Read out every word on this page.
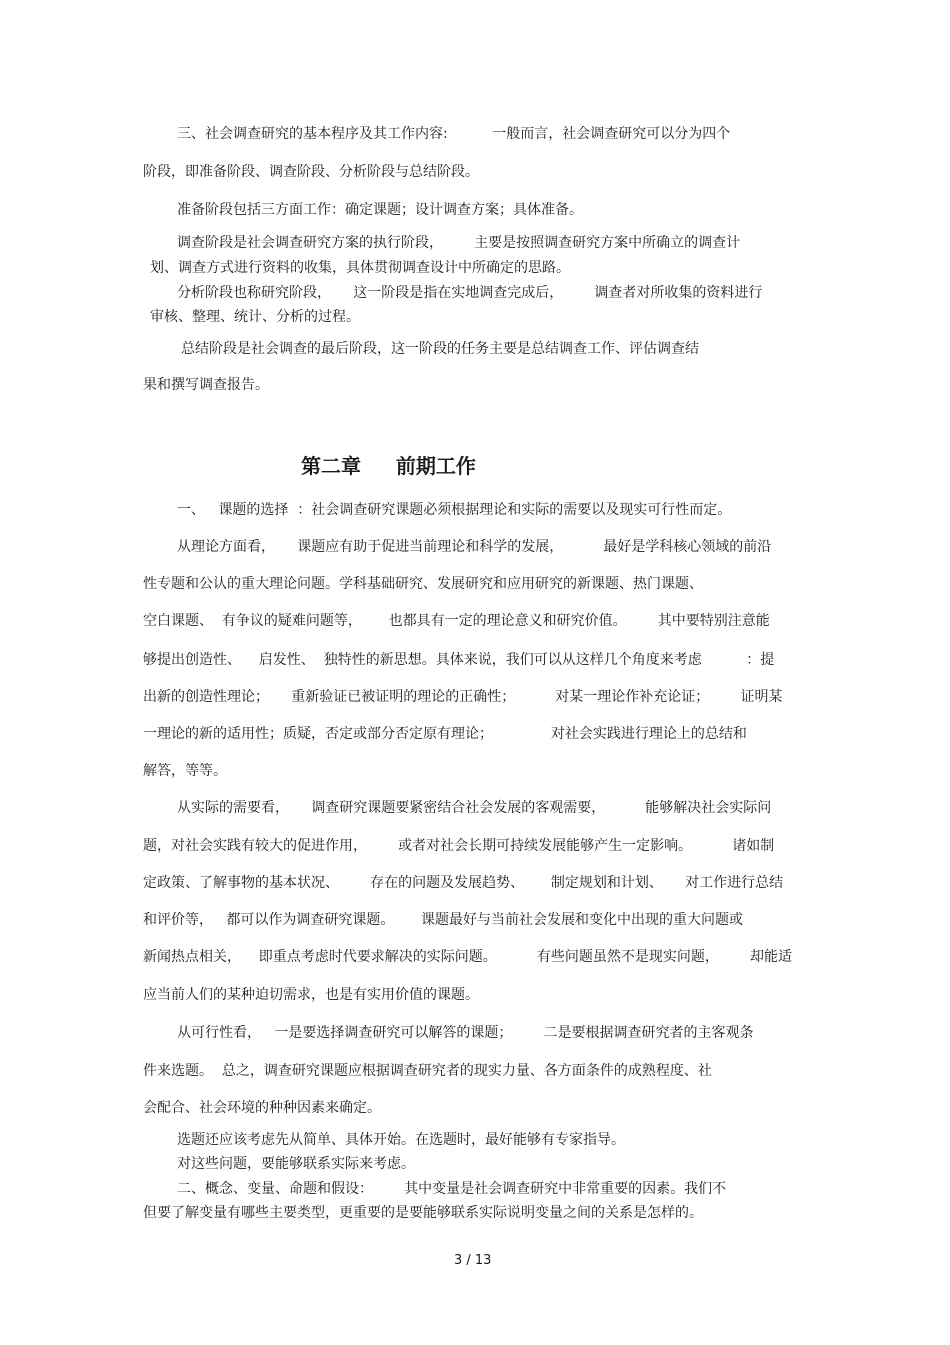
三、社会调查研究的基本程序及其工作内容:          一般而言，社会调查研究可以分为四个

阶段，即准备阶段、调查阶段、分析阶段与总结阶段。

准备阶段包括三方面工作：确定课题；设计调查方案；具体准备。

调查阶段是社会调查研究方案的执行阶段，       主要是按照调查研究方案中所确立的调查计

划、调查方式进行资料的收集，具体贯彻调查设计中所确定的思路。

分析阶段也称研究阶段，     这一阶段是指在实地调查完成后，       调查者对所收集的资料进行

审核、整理、统计、分析的过程。

总结阶段是社会调查的最后阶段，这一阶段的任务主要是总结调查工作、评估调查结

果和撰写调查报告。

第二章     前期工作

一、   课题的选择  ：社会调查研究课题必须根据理论和实际的需要以及现实可行性而定。

从理论方面看，     课题应有助于促进当前理论和科学的发展，         最好是学科核心领域的前沿

性专题和公认的重大理论问题。学科基础研究、发展研究和应用研究的新课题、热门课题、

空白课题、  有争议的疑难问题等，      也都具有一定的理论意义和研究价值。       其中要特别注意能

够提出创造性、    启发性、  独特性的新思想。具体来说，我们可以从这样几个角度来考虑          ：提

出新的创造性理论；     重新验证已被证明的理论的正确性；         对某一理论作补充论证；       证明某

一理论的新的适用性；质疑，否定或部分否定原有理论；             对社会实践进行理论上的总结和

解答，等等。

从实际的需要看，     调查研究课题要紧密结合社会发展的客观需要，         能够解决社会实际问

题，对社会实践有较大的促进作用，       或者对社会长期可持续发展能够产生一定影响。         诸如制

定政策、了解事物的基本状况、       存在的问题及发展趋势、      制定规划和计划、     对工作进行总结

和评价等，   都可以作为调查研究课题。      课题最好与当前社会发展和变化中出现的重大问题或

新闻热点相关，    即重点考虑时代要求解决的实际问题。         有些问题虽然不是现实问题，       却能适

应当前人们的某种迫切需求，也是有实用价值的课题。

从可行性看，   一是要选择调查研究可以解答的课题；       二是要根据调查研究者的主客观条

件来选题。  总之，调查研究课题应根据调查研究者的现实力量、各方面条件的成熟程度、社

会配合、社会环境的种种因素来确定。

选题还应该考虑先从简单、具体开始。在选题时，最好能够有专家指导。

对这些问题，要能够联系实际来考虑。

二、概念、变量、命题和假设：       其中变量是社会调查研究中非常重要的因素。我们不

但要了解变量有哪些主要类型，更重要的是要能够联系实际说明变量之间的关系是怎样的。

3 / 13
